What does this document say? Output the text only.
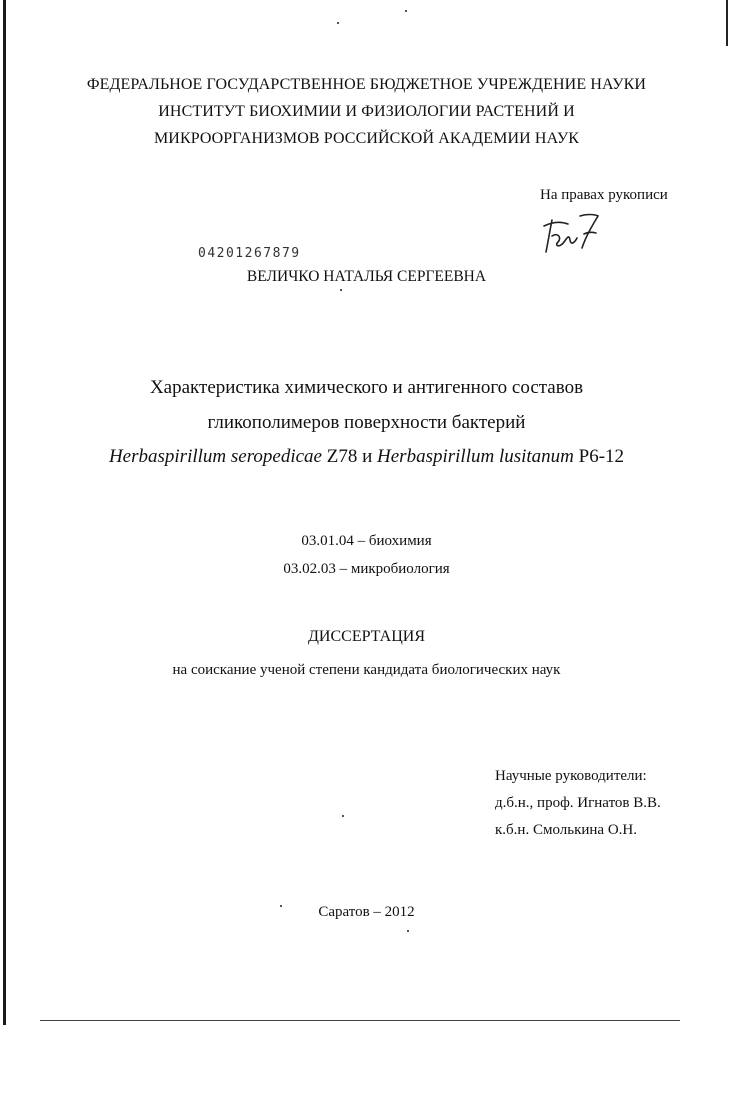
ФЕДЕРАЛЬНОЕ ГОСУДАРСТВЕННОЕ БЮДЖЕТНОЕ УЧРЕЖДЕНИЕ НАУКИ
ИНСТИТУТ БИОХИМИИ И ФИЗИОЛОГИИ РАСТЕНИЙ И
МИКРООРГАНИЗМОВ РОССИЙСКОЙ АКАДЕМИИ НАУК
На правах рукописи
04201267879
ВЕЛИЧКО НАТАЛЬЯ СЕРГЕЕВНА
Характеристика химического и антигенного составов
гликополимеров поверхности бактерий
Herbaspirillum seropedicae Z78 и Herbaspirillum lusitanum P6-12
03.01.04 – биохимия
03.02.03 – микробиология
ДИССЕРТАЦИЯ
на соискание ученой степени кандидата биологических наук
Научные руководители:
д.б.н., проф. Игнатов В.В.
к.б.н. Смолькина О.Н.
Саратов – 2012
